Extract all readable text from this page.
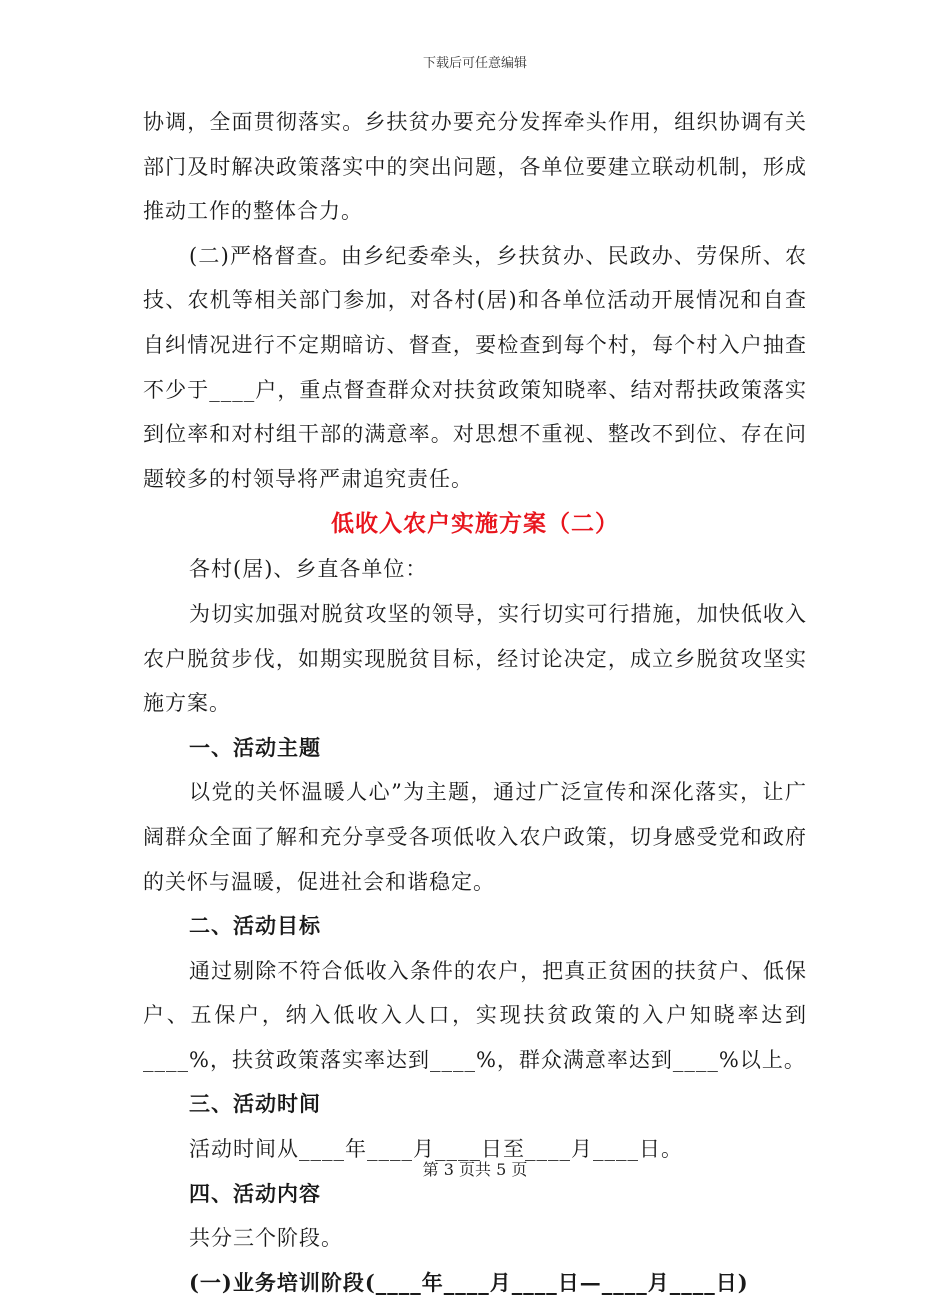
下载后可任意编辑

协调，全面贯彻落实。乡扶贫办要充分发挥牵头作用，组织协调有关部门及时解决政策落实中的突出问题，各单位要建立联动机制，形成推动工作的整体合力。

(二)严格督查。由乡纪委牵头，乡扶贫办、民政办、劳保所、农技、农机等相关部门参加，对各村(居)和各单位活动开展情况和自查自纠情况进行不定期暗访、督查，要检查到每个村，每个村入户抽查不少于____户，重点督查群众对扶贫政策知晓率、结对帮扶政策落实到位率和对村组干部的满意率。对思想不重视、整改不到位、存在问题较多的村领导将严肃追究责任。

低收入农户实施方案（二）

各村(居)、乡直各单位：

为切实加强对脱贫攻坚的领导，实行切实可行措施，加快低收入农户脱贫步伐，如期实现脱贫目标，经讨论决定，成立乡脱贫攻坚实施方案。

一、活动主题

以党的关怀温暖人心”为主题，通过广泛宣传和深化落实，让广阔群众全面了解和充分享受各项低收入农户政策，切身感受党和政府的关怀与温暖，促进社会和谐稳定。

二、活动目标

通过剔除不符合低收入条件的农户，把真正贫困的扶贫户、低保户、五保户，纳入低收入人口，实现扶贫政策的入户知晓率达到____%，扶贫政策落实率达到____%，群众满意率达到____%以上。

三、活动时间

活动时间从____年____月____日至____月____日。

四、活动内容

共分三个阶段。

(一)业务培训阶段(____年____月____日—____月____日)

第 3 页共 5 页
